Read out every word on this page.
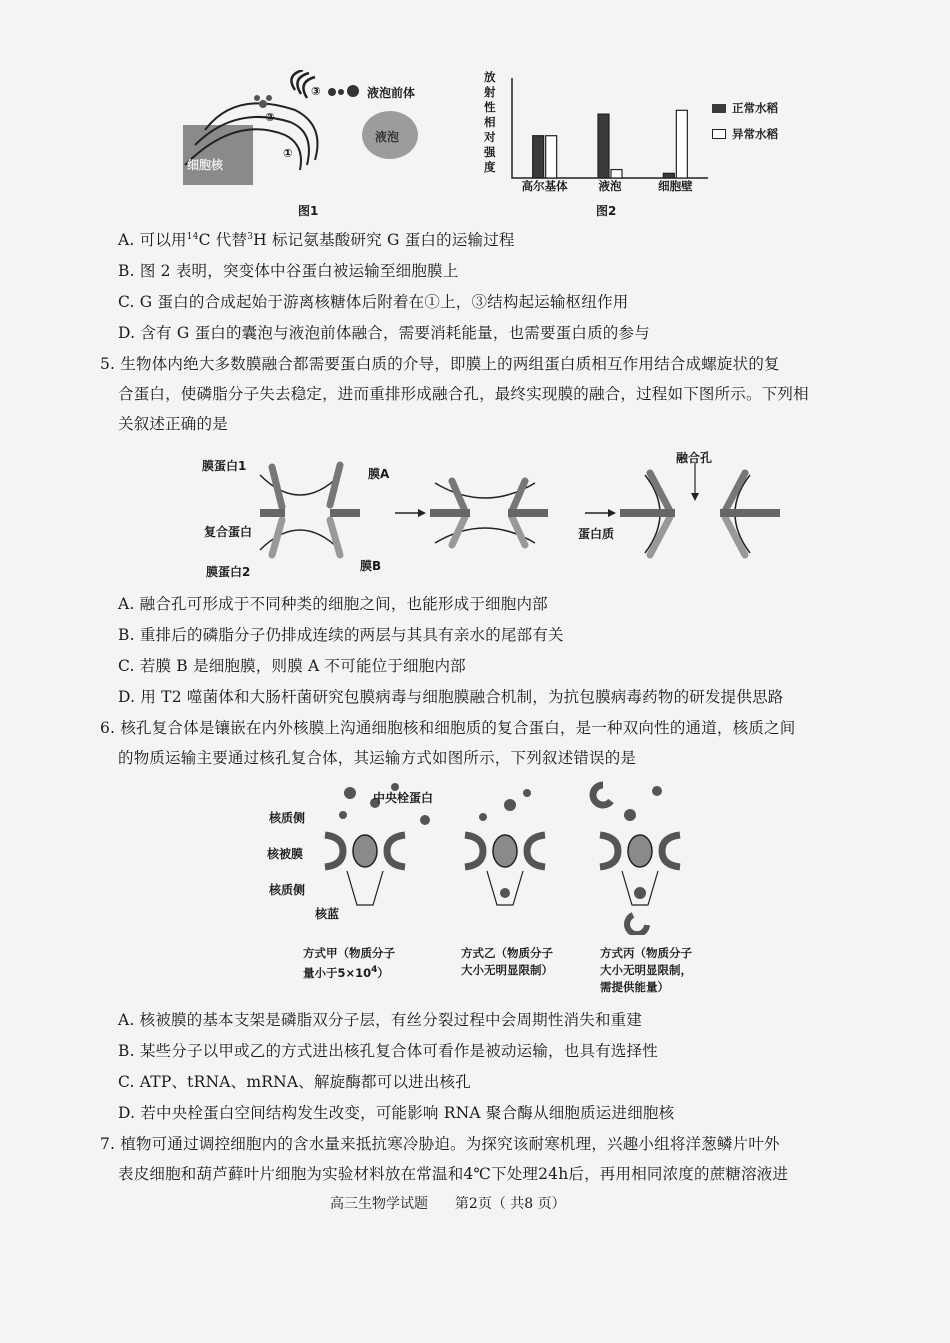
细胞核
液泡
液泡前体
①
②
③
图1
放
射
性
相
对
强
度
正常水稻
异常水稻
高尔基体	液泡	细胞壁
图2
A. 可以用$^{14}$C 代替$^3$H 标记氨基酸研究 G 蛋白的运输过程
B. 图 2 表明，突变体中谷蛋白被运输至细胞膜上
C. G 蛋白的合成起始于游离核糖体后附着在①上，③结构起运输枢纽作用
D. 含有 G 蛋白的囊泡与液泡前体融合，需要消耗能量，也需要蛋白质的参与
5. 生物体内绝大多数膜融合都需要蛋白质的介导，即膜上的两组蛋白质相互作用结合成螺旋状的复
合蛋白，使磷脂分子失去稳定，进而重排形成融合孔，最终实现膜的融合，过程如下图所示。下列相
关叙述正确的是
膜蛋白1
膜A
复合蛋白
膜蛋白2	膜B
融合孔
蛋白质
A. 融合孔可形成于不同种类的细胞之间，也能形成于细胞内部
B. 重排后的磷脂分子仍排成连续的两层与其具有亲水的尾部有关
C. 若膜 B 是细胞膜，则膜 A 不可能位于细胞内部
D. 用 T2 噬菌体和大肠杆菌研究包膜病毒与细胞膜融合机制，为抗包膜病毒药物的研发提供思路
6. 核孔复合体是镶嵌在内外核膜上沟通细胞核和细胞质的复合蛋白，是一种双向性的通道，核质之间
的物质运输主要通过核孔复合体，其运输方式如图所示，下列叙述错误的是
中央栓蛋白
核质侧
核被膜
核质侧
核蓝
方式甲（物质分子
量小于$5\times 10^4$）
方式乙（物质分子
大小无明显限制）
方式丙（物质分子
大小无明显限制，
需提供能量）
A. 核被膜的基本支架是磷脂双分子层，有丝分裂过程中会周期性消失和重建
B. 某些分子以甲或乙的方式进出核孔复合体可看作是被动运输，也具有选择性
C. ATP、tRNA、mRNA、解旋酶都可以进出核孔
D. 若中央栓蛋白空间结构发生改变，可能影响 RNA 聚合酶从细胞质运进细胞核
7. 植物可通过调控细胞内的含水量来抵抗寒冷胁迫。为探究该耐寒机理，兴趣小组将洋葱鳞片叶外
表皮细胞和葫芦藓叶片细胞为实验材料放在常温和4℃下处理24h后，再用相同浓度的蔗糖溶液进
高三生物学试题 第2页（ 共8 页）
